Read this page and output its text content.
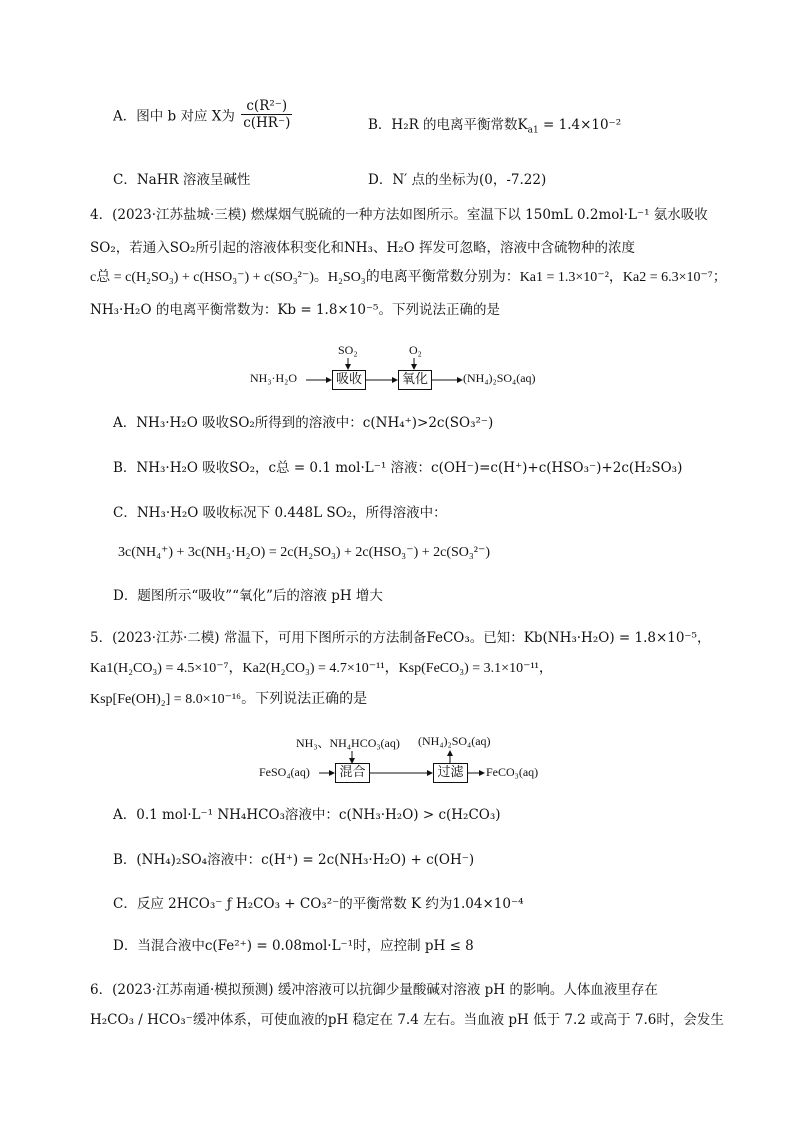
A．图中 b 对应 X为 $\frac{\text{c(R²⁻)}}{c(HR^-)}$	B．H₂R 的电离平衡常数$K_{a1} = 1.4\times 10^{-2}$
C．NaHR 溶液呈碱性	D．N′ 点的坐标为(0，-7.22)
4．(2023·江苏盐城·三模) 燃煤烟气脱硫的一种方法如图所示。室温下以 150mL 0.2mol·L⁻¹ 氨水吸收
SO₂，若通入SO₂所引起的溶液体积变化和NH₃、H₂O 挥发可忽略，溶液中含硫物种的浓度
c总 = c(H₂SO₃) + c(HSO₃⁻) + c(SO₃²⁻)。H₂SO₃的电离平衡常数分别为：Ka1 = 1.3×10⁻²，Ka2 = 6.3×10⁻⁷；
NH₃·H₂O 的电离平衡常数为：Kb = 1.8×10⁻⁵。下列说法正确的是
NH₃·H₂O	吸收
SO₂
氧化
O₂
(NH₄)₂SO₄(aq)
A．NH₃·H₂O 吸收SO₂所得到的溶液中：c(NH₄⁺)>2c(SO₃²⁻)
B．NH₃·H₂O 吸收SO₂，c总 = 0.1 mol·L⁻¹ 溶液：c(OH⁻)=c(H⁺)+c(HSO₃⁻)+2c(H₂SO₃)
C．NH₃·H₂O 吸收标况下 0.448L SO₂，所得溶液中：
3c(NH₄⁺) + 3c(NH₃·H₂O) = 2c(H₂SO₃) + 2c(HSO₃⁻) + 2c(SO₃²⁻)
D．题图所示“吸收”“氧化”后的溶液 pH 增大
5．(2023·江苏·二模) 常温下，可用下图所示的方法制备FeCO₃。已知：Kb(NH₃·H₂O) = 1.8×10⁻⁵，
Ka1(H₂CO₃) = 4.5×10⁻⁷，Ka2(H₂CO₃) = 4.7×10⁻¹¹，Ksp(FeCO₃) = 3.1×10⁻¹¹，
Ksp[Fe(OH)₂] = 8.0×10⁻¹⁶。下列说法正确的是
NH₃、NH₄HCO₃(aq) (NH₄)₂SO₄(aq)
FeSO₄(aq)	混合	过滤	FeCO₃(aq)
A．0.1 mol·L⁻¹ NH₄HCO₃溶液中：c(NH₃·H₂O) > c(H₂CO₃)
B．(NH₄)₂SO₄溶液中：c(H⁺) = 2c(NH₃·H₂O) + c(OH⁻)
C．反应 2HCO₃⁻ ƒ H₂CO₃ + CO₃²⁻的平衡常数 K 约为1.04×10⁻⁴
D．当混合液中c(Fe²⁺) = 0.08mol·L⁻¹时，应控制 pH ≤ 8
6．(2023·江苏南通·模拟预测) 缓冲溶液可以抗御少量酸碱对溶液 pH 的影响。人体血液里存在
H₂CO₃ / HCO₃⁻缓冲体系，可使血液的pH 稳定在 7.4 左右。当血液 pH 低于 7.2 或高于 7.6时，会发生
